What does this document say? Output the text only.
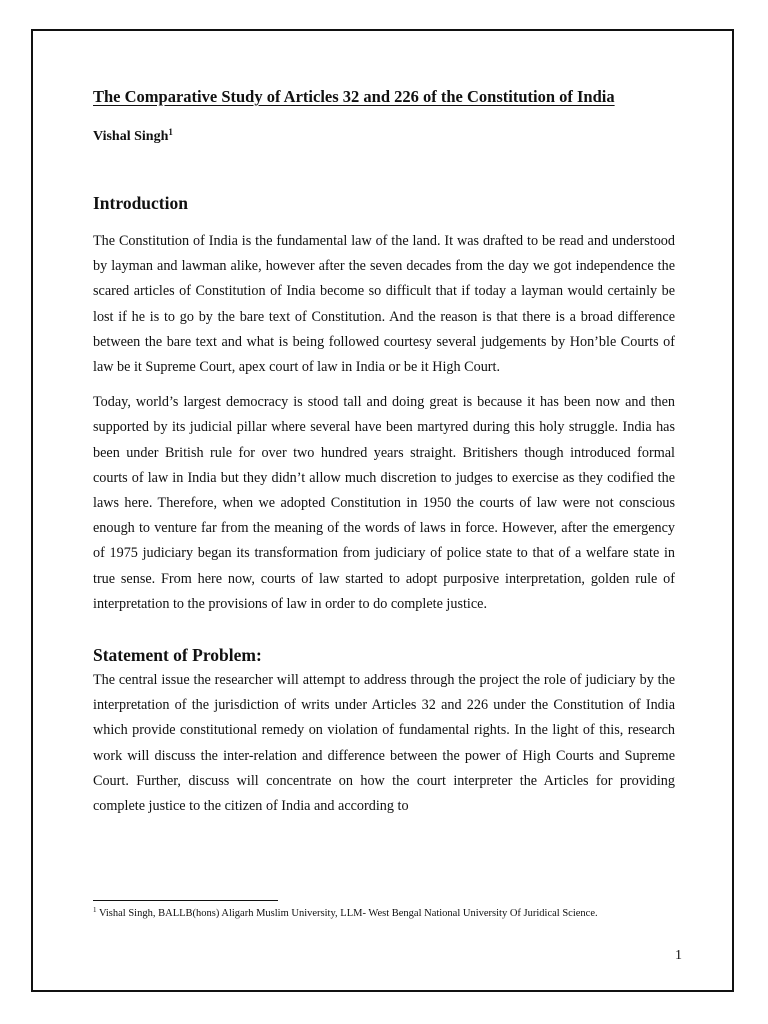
The Comparative Study of Articles 32 and 226 of the Constitution of India

Vishal Singh$^1$

Introduction

The Constitution of India is the fundamental law of the land. It was drafted to be read and understood by layman and lawman alike, however after the seven decades from the day we got independence the scared articles of Constitution of India become so difficult that if today a layman would certainly be lost if he is to go by the bare text of Constitution. And the reason is that there is a broad difference between the bare text and what is being followed courtesy several judgements by Hon’ble Courts of law be it Supreme Court, apex court of law in India or be it High Court.

Today, world’s largest democracy is stood tall and doing great is because it has been now and then supported by its judicial pillar where several have been martyred during this holy struggle. India has been under British rule for over two hundred years straight. Britishers though introduced formal courts of law in India but they didn’t allow much discretion to judges to exercise as they codified the laws here. Therefore, when we adopted Constitution in 1950 the courts of law were not conscious enough to venture far from the meaning of the words of laws in force. However, after the emergency of 1975 judiciary began its transformation from judiciary of police state to that of a welfare state in true sense. From here now, courts of law started to adopt purposive interpretation, golden rule of interpretation to the provisions of law in order to do complete justice.

Statement of Problem:

The central issue the researcher will attempt to address through the project the role of judiciary by the interpretation of the jurisdiction of writs under Articles 32 and 226 under the Constitution of India which provide constitutional remedy on violation of fundamental rights. In the light of this, research work will discuss the inter-relation and difference between the power of High Courts and Supreme Court. Further, discuss will concentrate on how the court interpreter the Articles for providing complete justice to the citizen of India and according to

$^1$ Vishal Singh, BALLB(hons) Aligarh Muslim University, LLM- West Bengal National University Of Juridical Science.

1
